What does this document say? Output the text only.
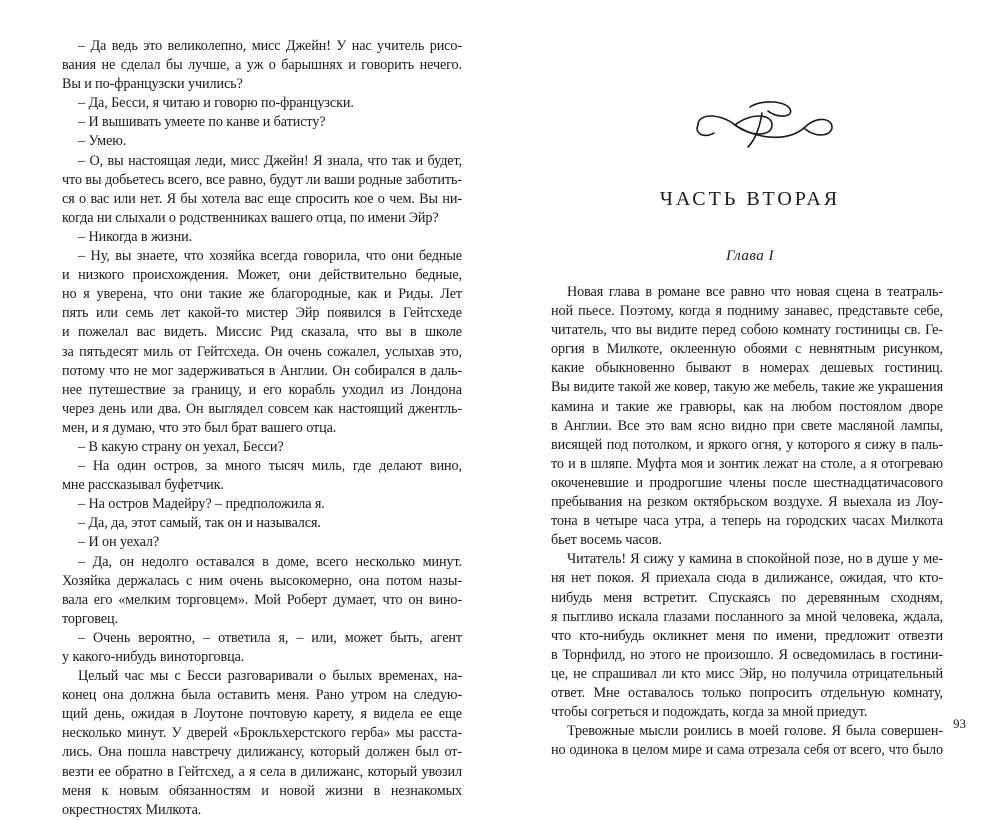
– Да ведь это великолепно, мисс Джейн! У нас учитель рисо-
вания не сделал бы лучше, а уж о барышнях и говорить нечего.
Вы и по-французски учились?
– Да, Бесси, я читаю и говорю по-французски.
– И вышивать умеете по канве и батисту?
– Умею.
– О, вы настоящая леди, мисс Джейн! Я знала, что так и будет,
что вы добьетесь всего, все равно, будут ли ваши родные заботить-
ся о вас или нет. Я бы хотела вас еще спросить кое о чем. Вы ни-
когда ни слыхали о родственниках вашего отца, по имени Эйр?
– Никогда в жизни.
– Ну, вы знаете, что хозяйка всегда говорила, что они бедные
и низкого происхождения. Может, они действительно бедные,
но я уверена, что они такие же благородные, как и Риды. Лет
пять или семь лет какой-то мистер Эйр появился в Гейтсхеде
и пожелал вас видеть. Миссис Рид сказала, что вы в школе
за пятьдесят миль от Гейтсхеда. Он очень сожалел, услыхав это,
потому что не мог задерживаться в Англии. Он собирался в даль-
нее путешествие за границу, и его корабль уходил из Лондона
через день или два. Он выглядел совсем как настоящий джентль-
мен, и я думаю, что это был брат вашего отца.
– В какую страну он уехал, Бесси?
– На один остров, за много тысяч миль, где делают вино,
мне рассказывал буфетчик.
– На остров Мадейру? – предположила я.
– Да, да, этот самый, так он и назывался.
– И он уехал?
– Да, он недолго оставался в доме, всего несколько минут.
Хозяйка держалась с ним очень высокомерно, она потом назы-
вала его «мелким торговцем». Мой Роберт думает, что он вино-
торговец.
– Очень вероятно, – ответила я, – или, может быть, агент
у какого-нибудь виноторговца.
Целый час мы с Бесси разговаривали о былых временах, на-
конец она должна была оставить меня. Рано утром на следую-
щий день, ожидая в Лоутоне почтовую карету, я видела ее еще
несколько минут. У дверей «Брокльхерстского герба» мы расста-
лись. Она пошла навстречу дилижансу, который должен был от-
везти ее обратно в Гейтсхед, а я села в дилижанс, который увозил
меня к новым обязанностям и новой жизни в незнакомых
окрестностях Милкота.
ЧАСТЬ ВТОРАЯ
Глава I
Новая глава в романе все равно что новая сцена в театраль-
ной пьесе. Поэтому, когда я подниму занавес, представьте себе,
читатель, что вы видите перед собою комнату гостиницы св. Ге-
оргия в Милкоте, оклеенную обоями с невнятным рисунком,
какие обыкновенно бывают в номерах дешевых гостиниц.
Вы видите такой же ковер, такую же мебель, такие же украшения
камина и такие же гравюры, как на любом постоялом дворе
в Англии. Все это вам ясно видно при свете масляной лампы,
висящей под потолком, и яркого огня, у которого я сижу в паль-
то и в шляпе. Муфта моя и зонтик лежат на столе, а я отогреваю
окоченевшие и продрогшие члены после шестнадцатичасового
пребывания на резком октябрьском воздухе. Я выехала из Лоу-
тона в четыре часа утра, а теперь на городских часах Милкота
бьет восемь часов.
Читатель! Я сижу у камина в спокойной позе, но в душе у ме-
ня нет покоя. Я приехала сюда в дилижансе, ожидая, что кто-
нибудь меня встретит. Спускаясь по деревянным сходням,
я пытливо искала глазами посланного за мной человека, ждала,
что кто-нибудь окликнет меня по имени, предложит отвезти
в Торнфилд, но этого не произошло. Я осведомилась в гостини-
це, не спрашивал ли кто мисс Эйр, но получила отрицательный
ответ. Мне оставалось только попросить отдельную комнату,
чтобы согреться и подождать, когда за мной приедут.
Тревожные мысли роились в моей голове. Я была совершен-
но одинока в целом мире и сама отрезала себя от всего, что было
93
